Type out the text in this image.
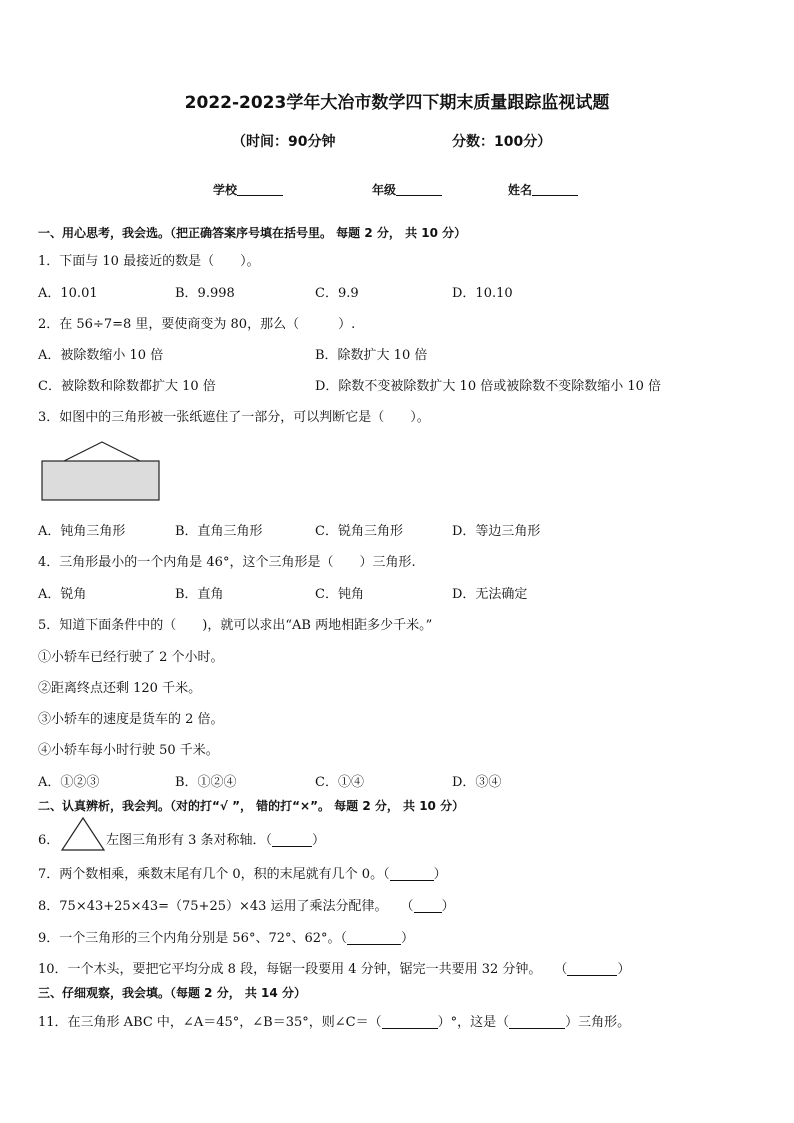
2022-2023学年大冶市数学四下期末质量跟踪监视试题
（时间：90分钟	分数：100分）
学校	年级	姓名
一、用心思考，我会选。（把正确答案序号填在括号里。 每题 2 分， 共 10 分）
1．下面与 10 最接近的数是（　　）。
A．10.01	B．9.998	C．9.9	D．10.10
2．在 56÷7=8 里，要使商变为 80，那么（　　　）.
A．被除数缩小 10 倍	B．除数扩大 10 倍
C．被除数和除数都扩大 10 倍	D．除数不变被除数扩大 10 倍或被除数不变除数缩小 10 倍
3．如图中的三角形被一张纸遮住了一部分，可以判断它是（　　）。
A．钝角三角形	B．直角三角形	C．锐角三角形	D．等边三角形
4．三角形最小的一个内角是 46°，这个三角形是（　　）三角形.
A．锐角	B．直角	C．钝角	D．无法确定
5．知道下面条件中的（　　)，就可以求出“AB 两地相距多少千米。”
①小轿车已经行驶了 2 个小时。
②距离终点还剩 120 千米。
③小轿车的速度是货车的 2 倍。
④小轿车每小时行驶 50 千米。
A．①②③	B．①②④	C．①④	D．③④
二、认真辨析，我会判。（对的打“√ ”， 错的打“×”。 每题 2 分， 共 10 分）
6．	左图三角形有 3 条对称轴．（	）
7．两个数相乘，乘数末尾有几个 0，积的末尾就有几个 0。（	）
8．75×43+25×43=（75+25）×43 运用了乘法分配律。　　（ ）
9．一个三角形的三个内角分别是 56°、72°、62°。（	）
10．一个木头，要把它平均分成 8 段，每锯一段要用 4 分钟，锯完一共要用 32 分钟。　　（	）
三、仔细观察，我会填。（每题 2 分， 共 14 分）
11．在三角形 ABC 中，∠A＝45°，∠B＝35°，则∠C＝（	）°，这是（	）三角形。
